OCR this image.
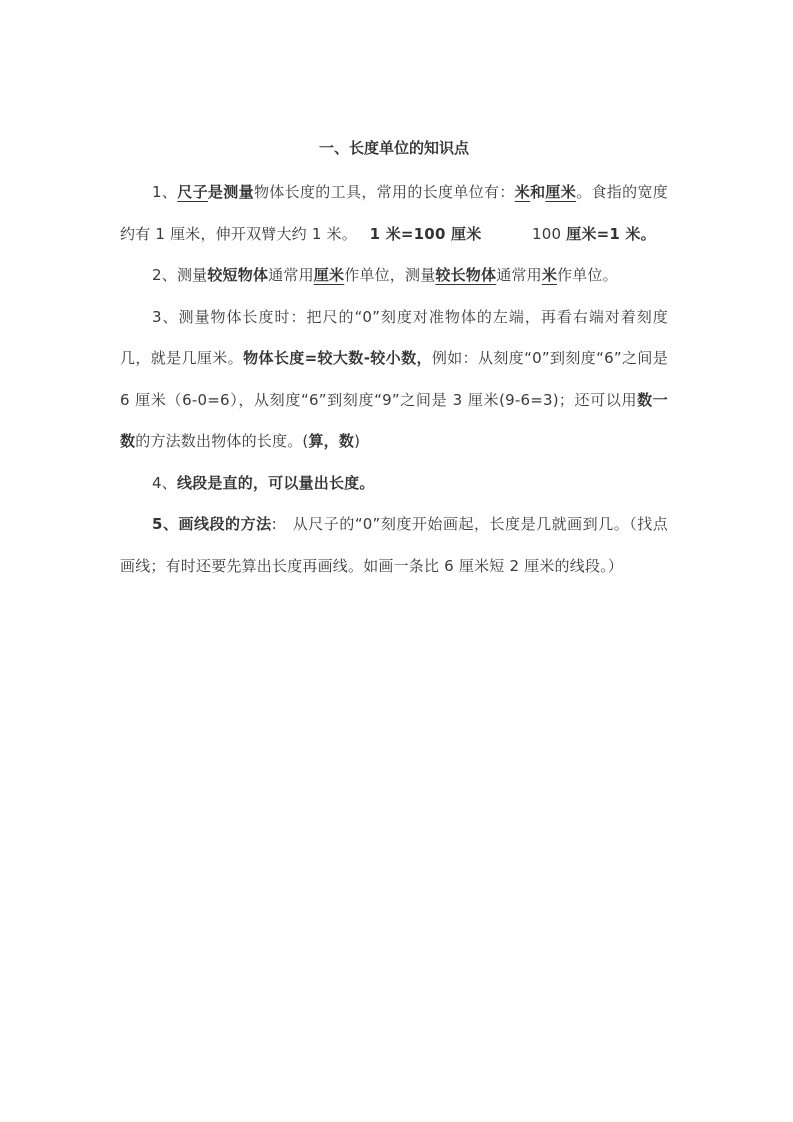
一、长度单位的知识点

1、尺子是测量物体长度的工具，常用的长度单位有：米和厘米。食指的宽度约有 1 厘米，伸开双臂大约 1 米。　 1 米=100 厘米　　　 100 厘米=1 米。

2、测量较短物体通常用厘米作单位，测量较长物体通常用米作单位。

3、测量物体长度时：把尺的“0”刻度对准物体的左端，再看右端对着刻度几，就是几厘米。物体长度=较大数-较小数，例如：从刻度“0”到刻度“6”之间是 6 厘米（6-0=6），从刻度“6”到刻度“9”之间是 3 厘米(9-6=3)；还可以用数一数的方法数出物体的长度。(算，数)

4、线段是直的，可以量出长度。

5、画线段的方法:　从尺子的“0”刻度开始画起，长度是几就画到几。（找点画线；有时还要先算出长度再画线。如画一条比 6 厘米短 2 厘米的线段。）
